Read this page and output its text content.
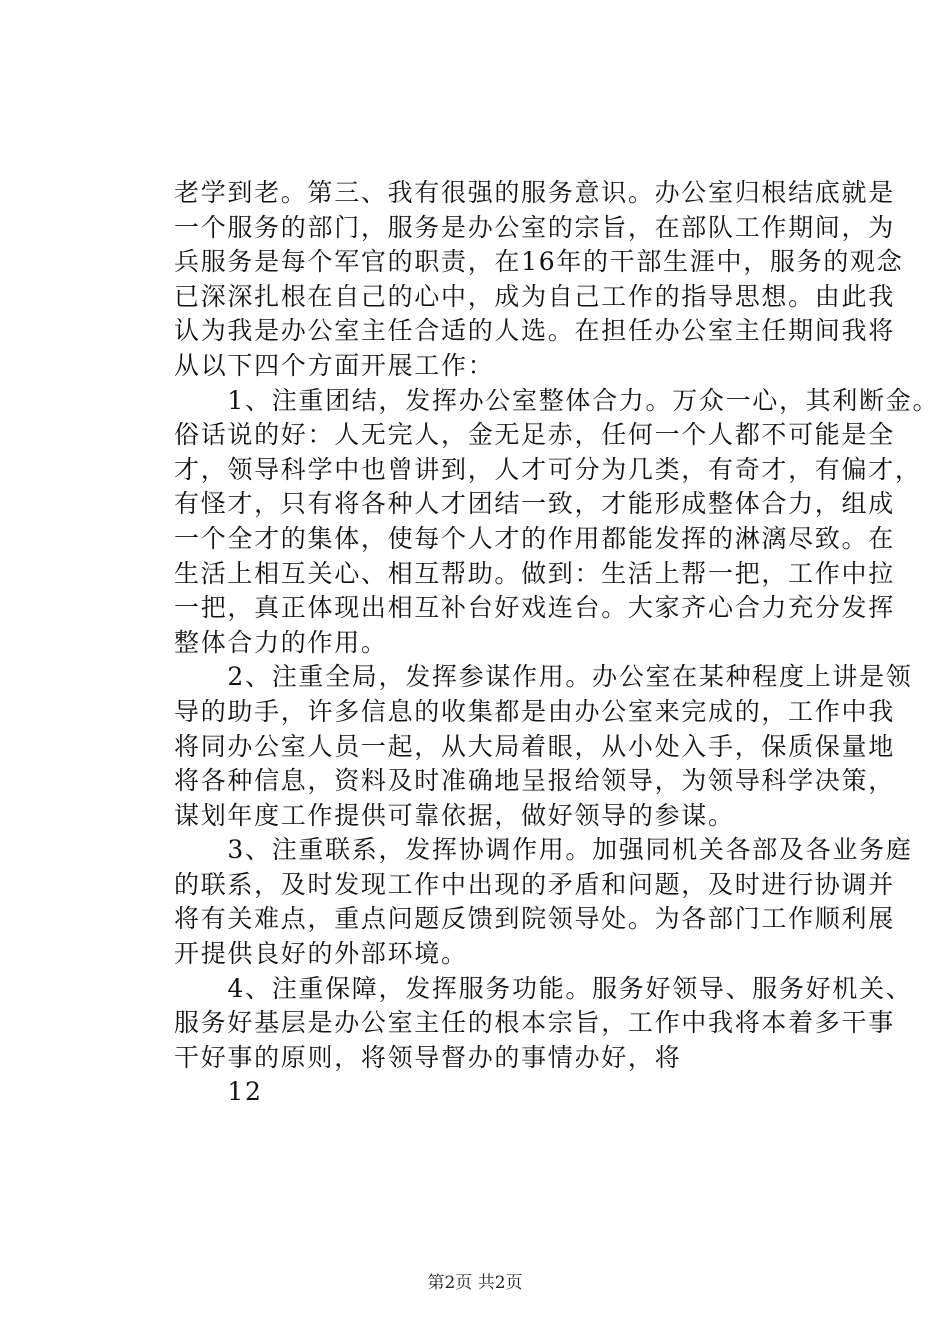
老学到老。第三、我有很强的服务意识。办公室归根结底就是
一个服务的部门，服务是办公室的宗旨，在部队工作期间，为
兵服务是每个军官的职责，在16年的干部生涯中，服务的观念
已深深扎根在自己的心中，成为自己工作的指导思想。由此我
认为我是办公室主任合适的人选。在担任办公室主任期间我将
从以下四个方面开展工作：
　　1、注重团结，发挥办公室整体合力。万众一心，其利断金。
俗话说的好：人无完人，金无足赤，任何一个人都不可能是全
才，领导科学中也曾讲到，人才可分为几类，有奇才，有偏才，
有怪才，只有将各种人才团结一致，才能形成整体合力，组成
一个全才的集体，使每个人才的作用都能发挥的淋漓尽致。在
生活上相互关心、相互帮助。做到：生活上帮一把，工作中拉
一把，真正体现出相互补台好戏连台。大家齐心合力充分发挥
整体合力的作用。
　　2、注重全局，发挥参谋作用。办公室在某种程度上讲是领
导的助手，许多信息的收集都是由办公室来完成的，工作中我
将同办公室人员一起，从大局着眼，从小处入手，保质保量地
将各种信息，资料及时准确地呈报给领导，为领导科学决策，
谋划年度工作提供可靠依据，做好领导的参谋。
　　3、注重联系，发挥协调作用。加强同机关各部及各业务庭
的联系，及时发现工作中出现的矛盾和问题，及时进行协调并
将有关难点，重点问题反馈到院领导处。为各部门工作顺利展
开提供良好的外部环境。
　　4、注重保障，发挥服务功能。服务好领导、服务好机关、
服务好基层是办公室主任的根本宗旨，工作中我将本着多干事
干好事的原则，将领导督办的事情办好，将
　　12
第2页 共2页
